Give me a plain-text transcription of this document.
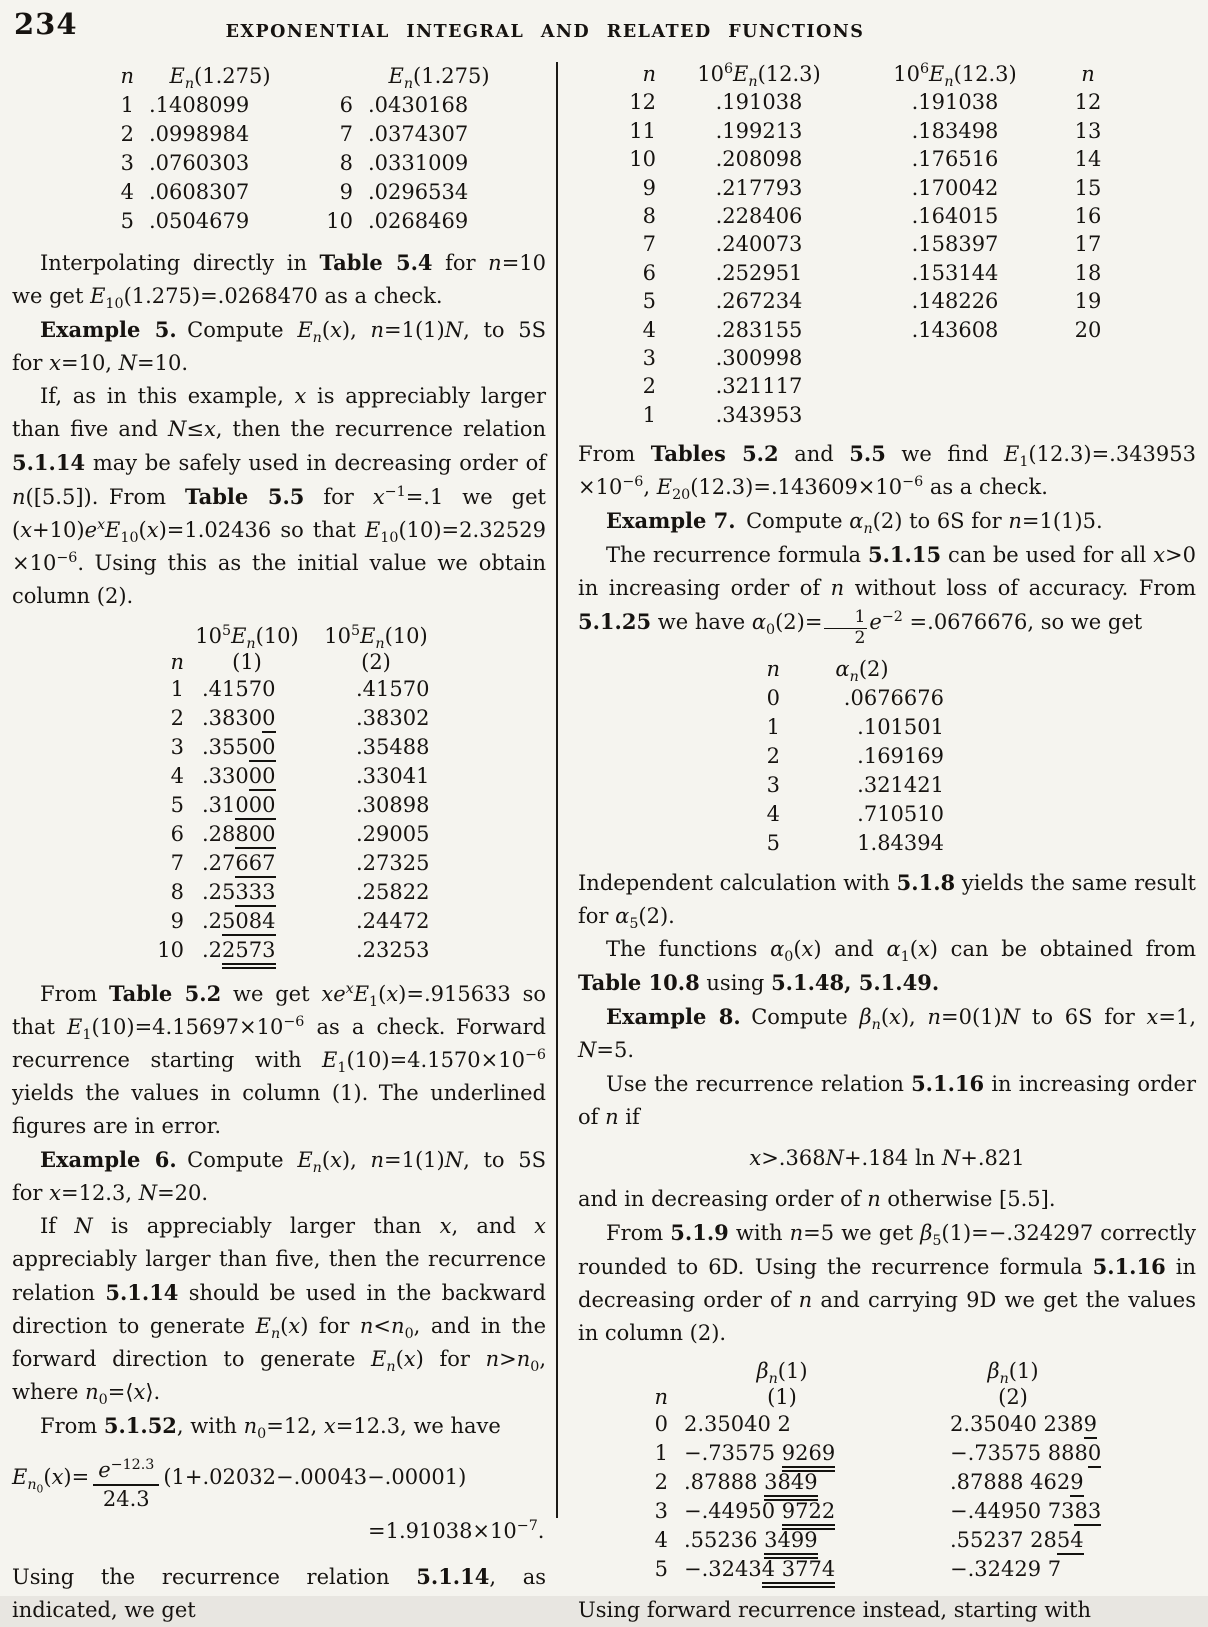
234	EXPONENTIAL INTEGRAL AND RELATED FUNCTIONS
n	$E_n(1.275)$	$E_n(1.275)$
1 .1408099	6 .0430168
2 .0998984	7 .0374307
3 .0760303	8 .0331009
4 .0608307	9 .0296534
5 .0504679	10 .0268469

Interpolating directly in Table 5.4 for n=10 we get $E_{10}(1.275)=.0268470$ as a check.

Example 5. Compute $E_n(x)$, n=1(1)N, to 5S for x=10, N=10.

If, as in this example, x is appreciably larger than five and N≤x, then the recurrence relation 5.1.14 may be safely used in decreasing order of n([5.5]). From Table 5.5 for $x^{-1}=.1$ we get $(x+10)e^xE_{10}(x)=1.02436$ so that $E_{10}(10)=2.32529 \times 10^{-6}$. Using this as the initial value we obtain column (2).

$10^5E_n(10)$	$10^5E_n(10)$
n	(1)	(2)
1 .41570	.41570
2 .38300	.38302
3 .35500	.35488
4 .33000	.33041
5 .31000	.30898
6 .28800	.29005
7 .27667	.27325
8 .25333	.25822
9 .25084	.24472
10 .22573	.23253

From Table 5.2 we get $xe^xE_1(x)=.915633$ so that $E_1(10)=4.15697\times 10^{-6}$ as a check. Forward recurrence starting with $E_1(10)=4.1570\times 10^{-6}$ yields the values in column (1). The underlined figures are in error.

Example 6. Compute $E_n(x)$, n=1(1)N, to 5S for x=12.3, N=20.

If N is appreciably larger than x, and x appreciably larger than five, then the recurrence relation 5.1.14 should be used in the backward direction to generate $E_n(x)$ for $n<n_0$, and in the forward direction to generate $E_n(x)$ for $n>n_0$, where $n_0=⟨x⟩$.

From 5.1.52, with $n_0=12$, x=12.3, we have

$E_{n_0}(x)= \frac{e^{-12.3}}{24.3} (1+.02032-.00043-.00001)$
$=1.91038\times 10^{-7}$.

Using the recurrence relation 5.1.14, as indicated, we get

n	$10^6E_n(12.3)$	$10^6E_n(12.3)$	n
12	.191038	.191038	12
11	.199213	.183498	13
10	.208098	.176516	14
9	.217793	.170042	15
8	.228406	.164015	16
7	.240073	.158397	17
6	.252951	.153144	18
5	.267234	.148226	19
4	.283155	.143608	20
3	.300998
2	.321117
1	.343953

From Tables 5.2 and 5.5 we find $E_1(12.3)=.343953 \times 10^{-6}$, $E_{20}(12.3)=.143609\times 10^{-6}$ as a check.

Example 7. Compute $\alpha_n(2)$ to 6S for n=1(1)5.

The recurrence formula 5.1.15 can be used for all x>0 in increasing order of n without loss of accuracy. From 5.1.25 we have $\alpha_0(2)= \frac{1}{2} e^{-2} =.0676676$, so we get

n	$\alpha_n(2)$
0	.0676676
1	.101501
2	.169169
3	.321421
4	.710510
5	1.84394

Independent calculation with 5.1.8 yields the same result for $\alpha_5(2)$.

The functions $\alpha_0(x)$ and $\alpha_1(x)$ can be obtained from Table 10.8 using 5.1.48, 5.1.49.

Example 8. Compute $\beta_n(x)$, n=0(1)N to 6S for x=1, N=5.

Use the recurrence relation 5.1.16 in increasing order of n if

x>.368N+.184 ln N+.821

and in decreasing order of n otherwise [5.5].

From 5.1.9 with n=5 we get $\beta_5(1)=-.324297$ correctly rounded to 6D. Using the recurrence formula 5.1.16 in decreasing order of n and carrying 9D we get the values in column (2).

$\beta_n(1)$	$\beta_n(1)$
n	(1)	(2)
0 2.35040 2	2.35040 2389
1 −.73575 9269	−.73575 8880
2 .87888 3849	.87888 4629
3 −.44950 9722	−.44950 7383
4 .55236 3499	.55237 2854
5 −.32434 3774	−.32429 7

Using forward recurrence instead, starting with
